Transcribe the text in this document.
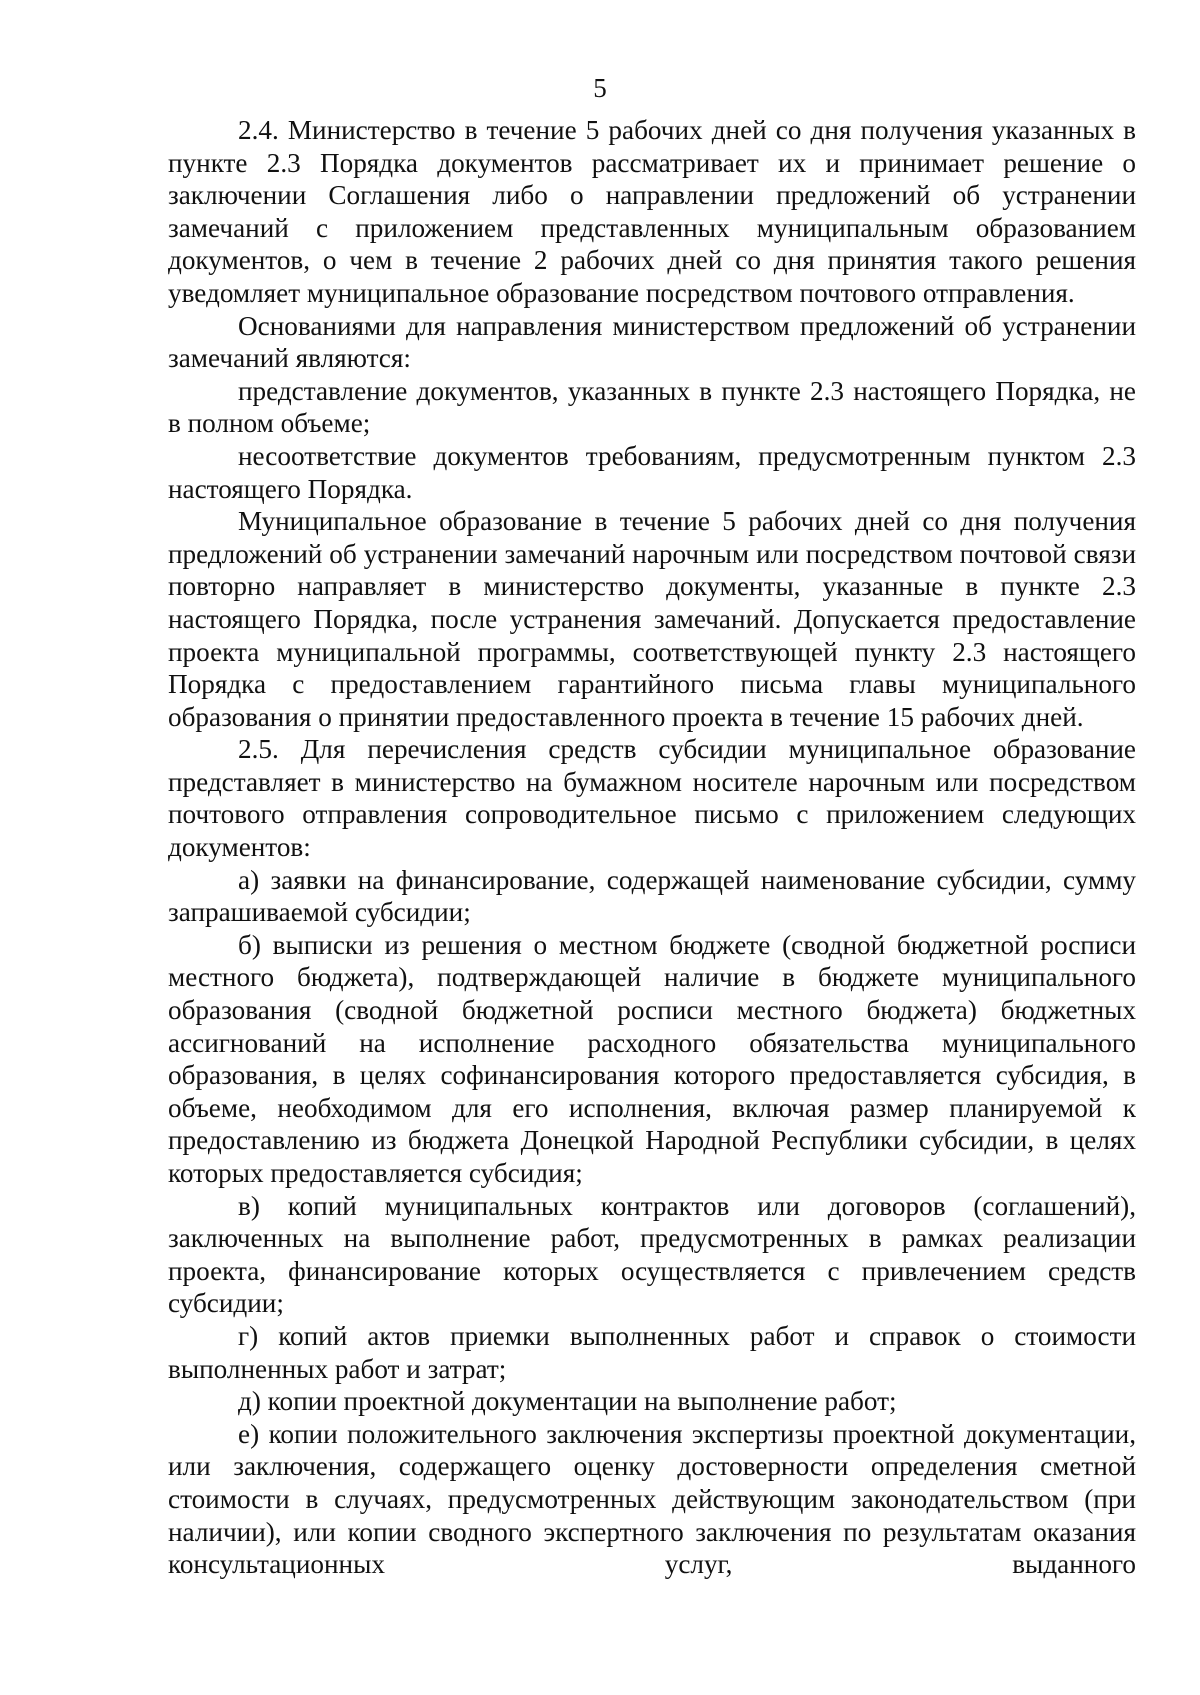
5

2.4. Министерство в течение 5 рабочих дней со дня получения указанных в пункте 2.3 Порядка документов рассматривает их и принимает решение о заключении Соглашения либо о направлении предложений об устранении замечаний с приложением представленных муниципальным образованием документов, о чем в течение 2 рабочих дней со дня принятия такого решения уведомляет муниципальное образование посредством почтового отправления.

Основаниями для направления министерством предложений об устранении замечаний являются:

представление документов, указанных в пункте 2.3 настоящего Порядка, не в полном объеме;

несоответствие документов требованиям, предусмотренным пунктом 2.3 настоящего Порядка.

Муниципальное образование в течение 5 рабочих дней со дня получения предложений об устранении замечаний нарочным или посредством почтовой связи повторно направляет в министерство документы, указанные в пункте 2.3 настоящего Порядка, после устранения замечаний. Допускается предоставление проекта муниципальной программы, соответствующей пункту 2.3 настоящего Порядка с предоставлением гарантийного письма главы муниципального образования о принятии предоставленного проекта в течение 15 рабочих дней.

2.5. Для перечисления средств субсидии муниципальное образование представляет в министерство на бумажном носителе нарочным или посредством почтового отправления сопроводительное письмо с приложением следующих документов:

а) заявки на финансирование, содержащей наименование субсидии, сумму запрашиваемой субсидии;

б) выписки из решения о местном бюджете (сводной бюджетной росписи местного бюджета), подтверждающей наличие в бюджете муниципального образования (сводной бюджетной росписи местного бюджета) бюджетных ассигнований на исполнение расходного обязательства муниципального образования, в целях софинансирования которого предоставляется субсидия, в объеме, необходимом для его исполнения, включая размер планируемой к предоставлению из бюджета Донецкой Народной Республики субсидии, в целях которых предоставляется субсидия;

в) копий муниципальных контрактов или договоров (соглашений), заключенных на выполнение работ, предусмотренных в рамках реализации проекта, финансирование которых осуществляется с привлечением средств субсидии;

г) копий актов приемки выполненных работ и справок о стоимости выполненных работ и затрат;

д) копии проектной документации на выполнение работ;

е) копии положительного заключения экспертизы проектной документации, или заключения, содержащего оценку достоверности определения сметной стоимости в случаях, предусмотренных действующим законодательством (при наличии), или копии сводного экспертного заключения по результатам оказания консультационных услуг, выданного
